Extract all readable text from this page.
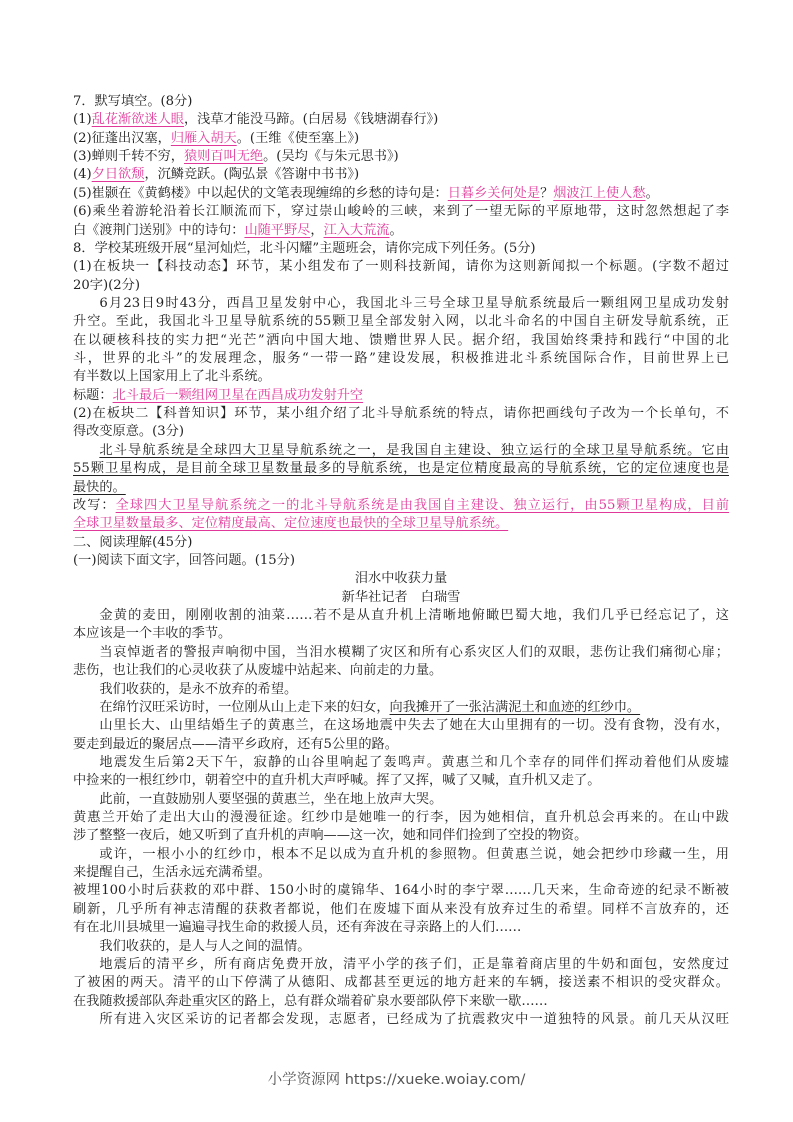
7．默写填空。(8分)
(1)乱花渐欲迷人眼，浅草才能没马蹄。(白居易《钱塘湖春行》)
(2)征蓬出汉塞，归雁入胡天。(王维《使至塞上》)
(3)蝉则千转不穷，猿则百叫无绝。(吴均《与朱元思书》)
(4)夕日欲颓，沉鳞竞跃。(陶弘景《答谢中书书》)
(5)崔颢在《黄鹤楼》中以起伏的文笔表现缠绵的乡愁的诗句是：日暮乡关何处是？烟波江上使人愁。
(6)乘坐着游轮沿着长江顺流而下，穿过崇山峻岭的三峡，来到了一望无际的平原地带，这时忽然想起了李
白《渡荆门送别》中的诗句：山随平野尽，江入大荒流。
8．学校某班级开展“星河灿烂，北斗闪耀”主题班会，请你完成下列任务。(5分)
(1)在板块一【科技动态】环节，某小组发布了一则科技新闻，请你为这则新闻拟一个标题。(字数不超过
20字)(2分)
6月23日9时43分，西昌卫星发射中心，我国北斗三号全球卫星导航系统最后一颗组网卫星成功发射
升空。至此，我国北斗卫星导航系统的55颗卫星全部发射入网，以北斗命名的中国自主研发导航系统，正
在以硬核科技的实力把“光芒”洒向中国大地、馈赠世界人民。据介绍，我国始终秉持和践行“中国的北
斗，世界的北斗”的发展理念，服务“一带一路”建设发展，积极推进北斗系统国际合作，目前世界上已
有半数以上国家用上了北斗系统。
标题：北斗最后一颗组网卫星在西昌成功发射升空
(2)在板块二【科普知识】环节，某小组介绍了北斗导航系统的特点，请你把画线句子改为一个长单句，不
得改变原意。(3分)
北斗导航系统是全球四大卫星导航系统之一，是我国自主建设、独立运行的全球卫星导航系统。它由
55颗卫星构成，是目前全球卫星数量最多的导航系统，也是定位精度最高的导航系统，它的定位速度也是
最快的。
改写：全球四大卫星导航系统之一的北斗导航系统是由我国自主建设、独立运行，由55颗卫星构成，目前
全球卫星数量最多、定位精度最高、定位速度也最快的全球卫星导航系统。
二、阅读理解(45分)
(一)阅读下面文字，回答问题。(15分)
泪水中收获力量
新华社记者　白瑞雪
金黄的麦田，刚刚收割的油菜……若不是从直升机上清晰地俯瞰巴蜀大地，我们几乎已经忘记了，这
本应该是一个丰收的季节。
当哀悼逝者的警报声响彻中国，当泪水模糊了灾区和所有心系灾区人们的双眼，悲伤让我们痛彻心扉；
悲伤，也让我们的心灵收获了从废墟中站起来、向前走的力量。
我们收获的，是永不放弃的希望。
在绵竹汉旺采访时，一位刚从山上走下来的妇女，向我摊开了一张沾满泥土和血迹的红纱巾。
山里长大、山里结婚生子的黄惠兰，在这场地震中失去了她在大山里拥有的一切。没有食物，没有水，
要走到最近的聚居点——清平乡政府，还有5公里的路。
地震发生后第2天下午，寂静的山谷里响起了轰鸣声。黄惠兰和几个幸存的同伴们挥动着他们从废墟
中捡来的一根红纱巾，朝着空中的直升机大声呼喊。挥了又挥，喊了又喊，直升机又走了。
此前，一直鼓励别人要坚强的黄惠兰，坐在地上放声大哭。
黄惠兰开始了走出大山的漫漫征途。红纱巾是她唯一的行李，因为她相信，直升机总会再来的。在山中跋
涉了整整一夜后，她又听到了直升机的声响——这一次，她和同伴们捡到了空投的物资。
或许，一根小小的红纱巾，根本不足以成为直升机的参照物。但黄惠兰说，她会把纱巾珍藏一生，用
来提醒自己，生活永远充满希望。
被埋100小时后获救的邓中群、150小时的虞锦华、164小时的李宁翠……几天来，生命奇迹的纪录不断被
刷新，几乎所有神志清醒的获救者都说，他们在废墟下面从来没有放弃过生的希望。同样不言放弃的，还
有在北川县城里一遍遍寻找生命的救援人员，还有奔波在寻亲路上的人们……
我们收获的，是人与人之间的温情。
地震后的清平乡，所有商店免费开放，清平小学的孩子们，正是靠着商店里的牛奶和面包，安然度过
了被困的两天。清平的山下停满了从德阳、成都甚至更远的地方赶来的车辆，接送素不相识的受灾群众。
在我随救援部队奔赴重灾区的路上，总有群众端着矿泉水要部队停下来歇一歇……
所有进入灾区采访的记者都会发现，志愿者，已经成为了抗震救灾中一道独特的风景。前几天从汉旺
小学资源网 https://xueke.woiay.com/
